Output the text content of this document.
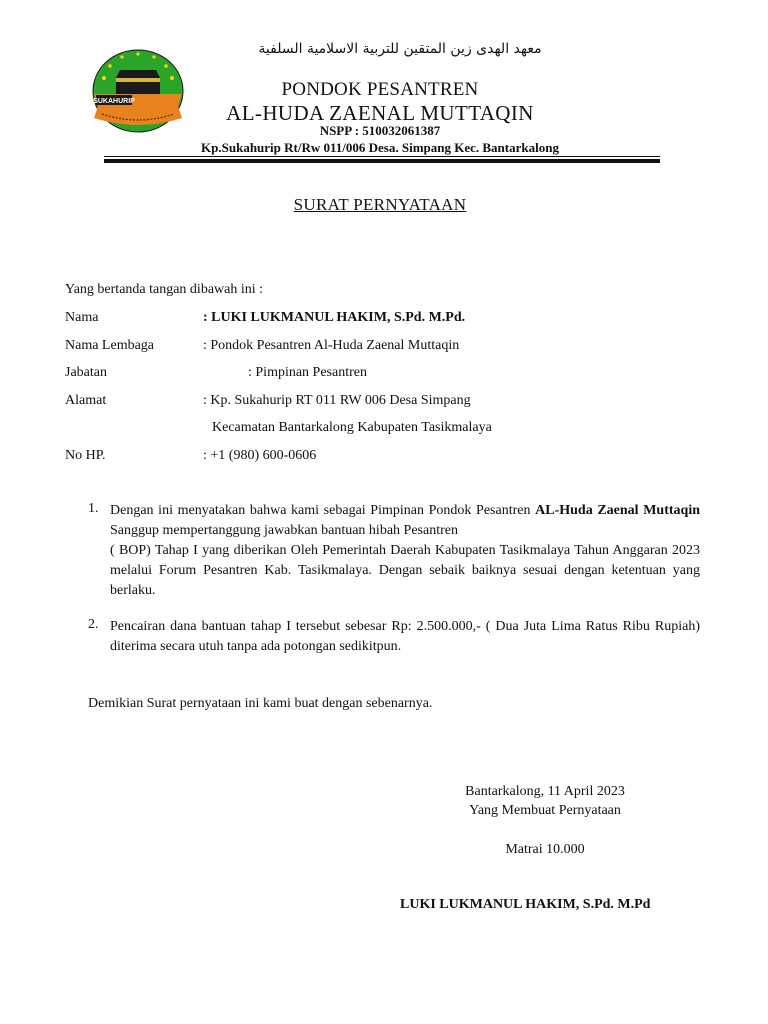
SUKAHURIP
معهد الهدى زين المتقين للتربية الاسلامية السلفية
PONDOK PESANTREN
AL-HUDA ZAENAL MUTTAQIN
NSPP : 510032061387
Kp.Sukahurip Rt/Rw 011/006 Desa. Simpang Kec. Bantarkalong
SURAT PERNYATAAN
Yang bertanda tangan dibawah ini :
Nama	: LUKI LUKMANUL HAKIM, S.Pd. M.Pd.
Nama Lembaga	: Pondok Pesantren Al-Huda Zaenal Muttaqin
Jabatan	: Pimpinan Pesantren
Alamat	: Kp. Sukahurip RT 011 RW 006 Desa Simpang
Kecamatan Bantarkalong Kabupaten Tasikmalaya
No HP.	: +1 (980) 600-0606
1. Dengan ini menyatakan bahwa kami sebagai Pimpinan Pondok Pesantren AL-Huda Zaenal Muttaqin Sanggup mempertanggung jawabkan bantuan hibah Pesantren
( BOP) Tahap I yang diberikan Oleh Pemerintah Daerah Kabupaten Tasikmalaya Tahun Anggaran 2023 melalui Forum Pesantren Kab. Tasikmalaya. Dengan sebaik baiknya sesuai dengan ketentuan yang berlaku.
2. Pencairan dana bantuan tahap I tersebut sebesar Rp: 2.500.000,- ( Dua Juta Lima Ratus Ribu Rupiah) diterima secara utuh tanpa ada potongan sedikitpun.
Demikian Surat pernyataan ini kami buat dengan sebenarnya.
Bantarkalong, 11 April 2023
Yang Membuat Pernyataan
Matrai 10.000
LUKI LUKMANUL HAKIM, S.Pd. M.Pd
